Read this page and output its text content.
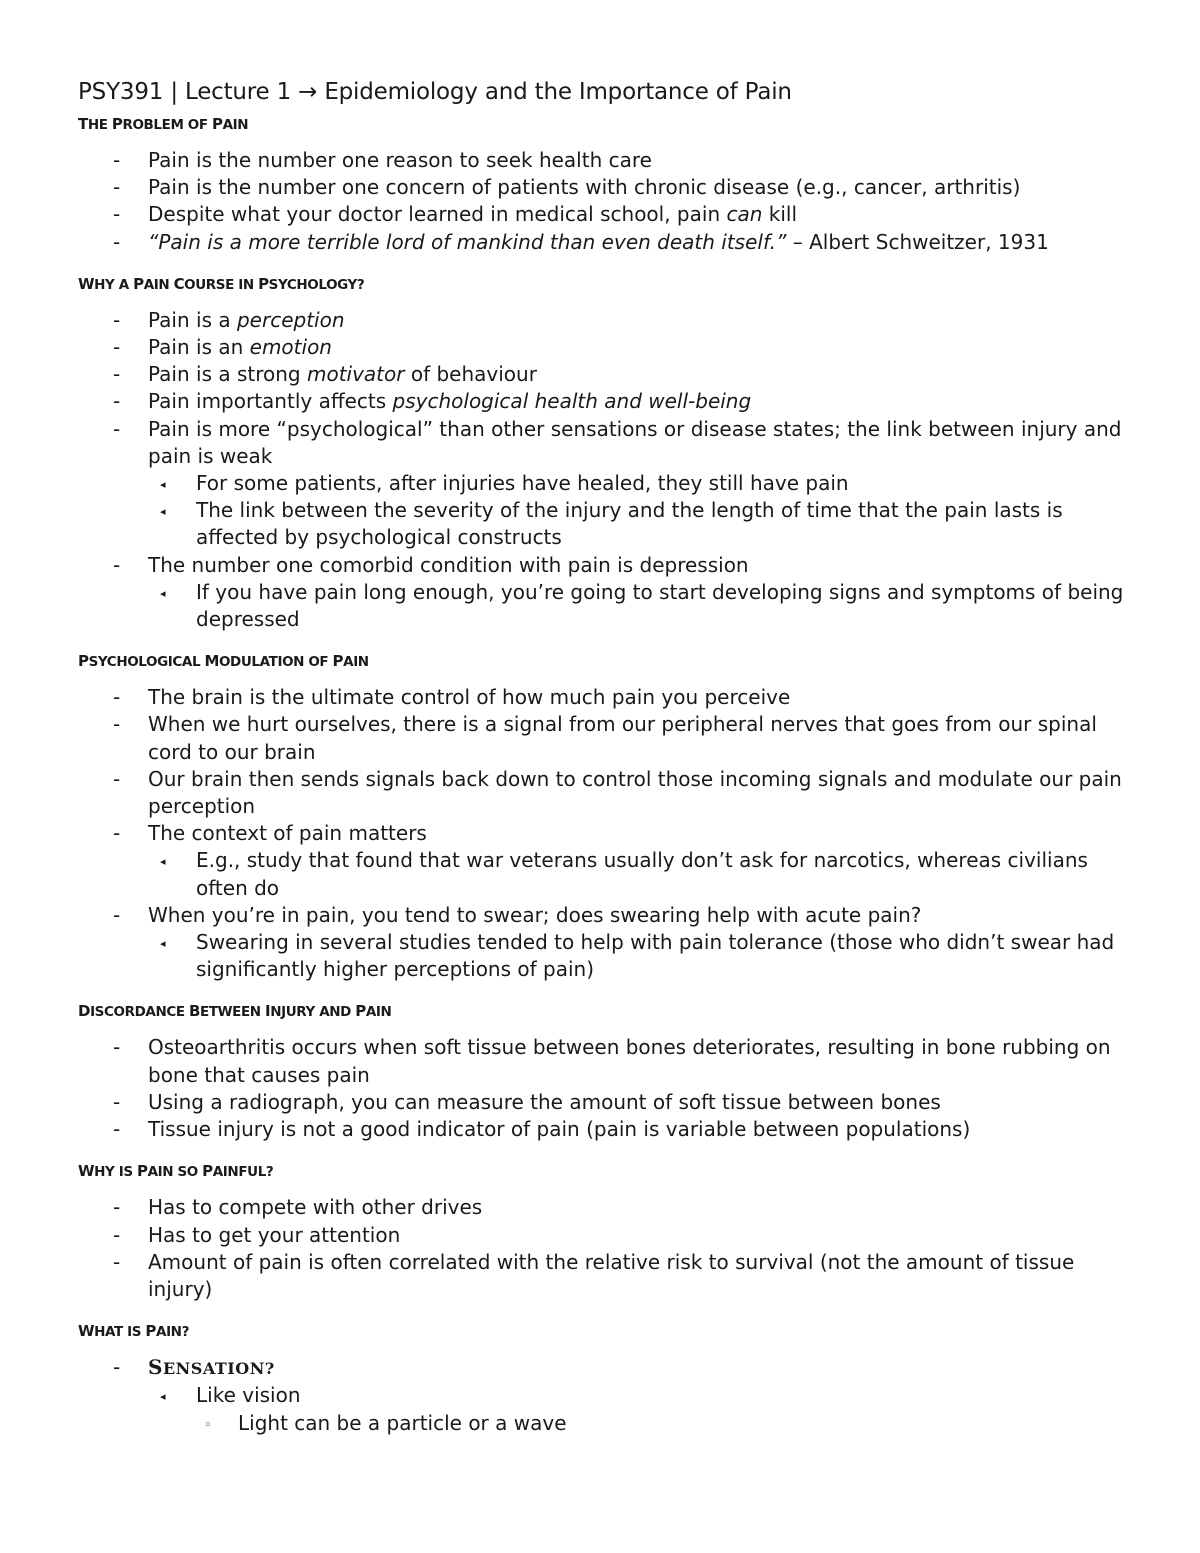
PSY391 | Lecture 1 → Epidemiology and the Importance of Pain
THE PROBLEM OF PAIN
- Pain is the number one reason to seek health care
- Pain is the number one concern of patients with chronic disease (e.g., cancer, arthritis)
- Despite what your doctor learned in medical school, pain can kill
- “Pain is a more terrible lord of mankind than even death itself.” – Albert Schweitzer, 1931
WHY A PAIN COURSE IN PSYCHOLOGY?
- Pain is a perception
- Pain is an emotion
- Pain is a strong motivator of behaviour
- Pain importantly affects psychological health and well-being
- Pain is more “psychological” than other sensations or disease states; the link between injury and pain is weak
◂ For some patients, after injuries have healed, they still have pain
◂ The link between the severity of the injury and the length of time that the pain lasts is affected by psychological constructs
- The number one comorbid condition with pain is depression
◂ If you have pain long enough, you’re going to start developing signs and symptoms of being depressed
PSYCHOLOGICAL MODULATION OF PAIN
- The brain is the ultimate control of how much pain you perceive
- When we hurt ourselves, there is a signal from our peripheral nerves that goes from our spinal cord to our brain
- Our brain then sends signals back down to control those incoming signals and modulate our pain perception
- The context of pain matters
◂ E.g., study that found that war veterans usually don’t ask for narcotics, whereas civilians often do
- When you’re in pain, you tend to swear; does swearing help with acute pain?
◂ Swearing in several studies tended to help with pain tolerance (those who didn’t swear had significantly higher perceptions of pain)
DISCORDANCE BETWEEN INJURY AND PAIN
- Osteoarthritis occurs when soft tissue between bones deteriorates, resulting in bone rubbing on bone that causes pain
- Using a radiograph, you can measure the amount of soft tissue between bones
- Tissue injury is not a good indicator of pain (pain is variable between populations)
WHY IS PAIN SO PAINFUL?
- Has to compete with other drives
- Has to get your attention
- Amount of pain is often correlated with the relative risk to survival (not the amount of tissue injury)
WHAT IS PAIN?
- SENSATION?
◂ Like vision
◦ Light can be a particle or a wave
